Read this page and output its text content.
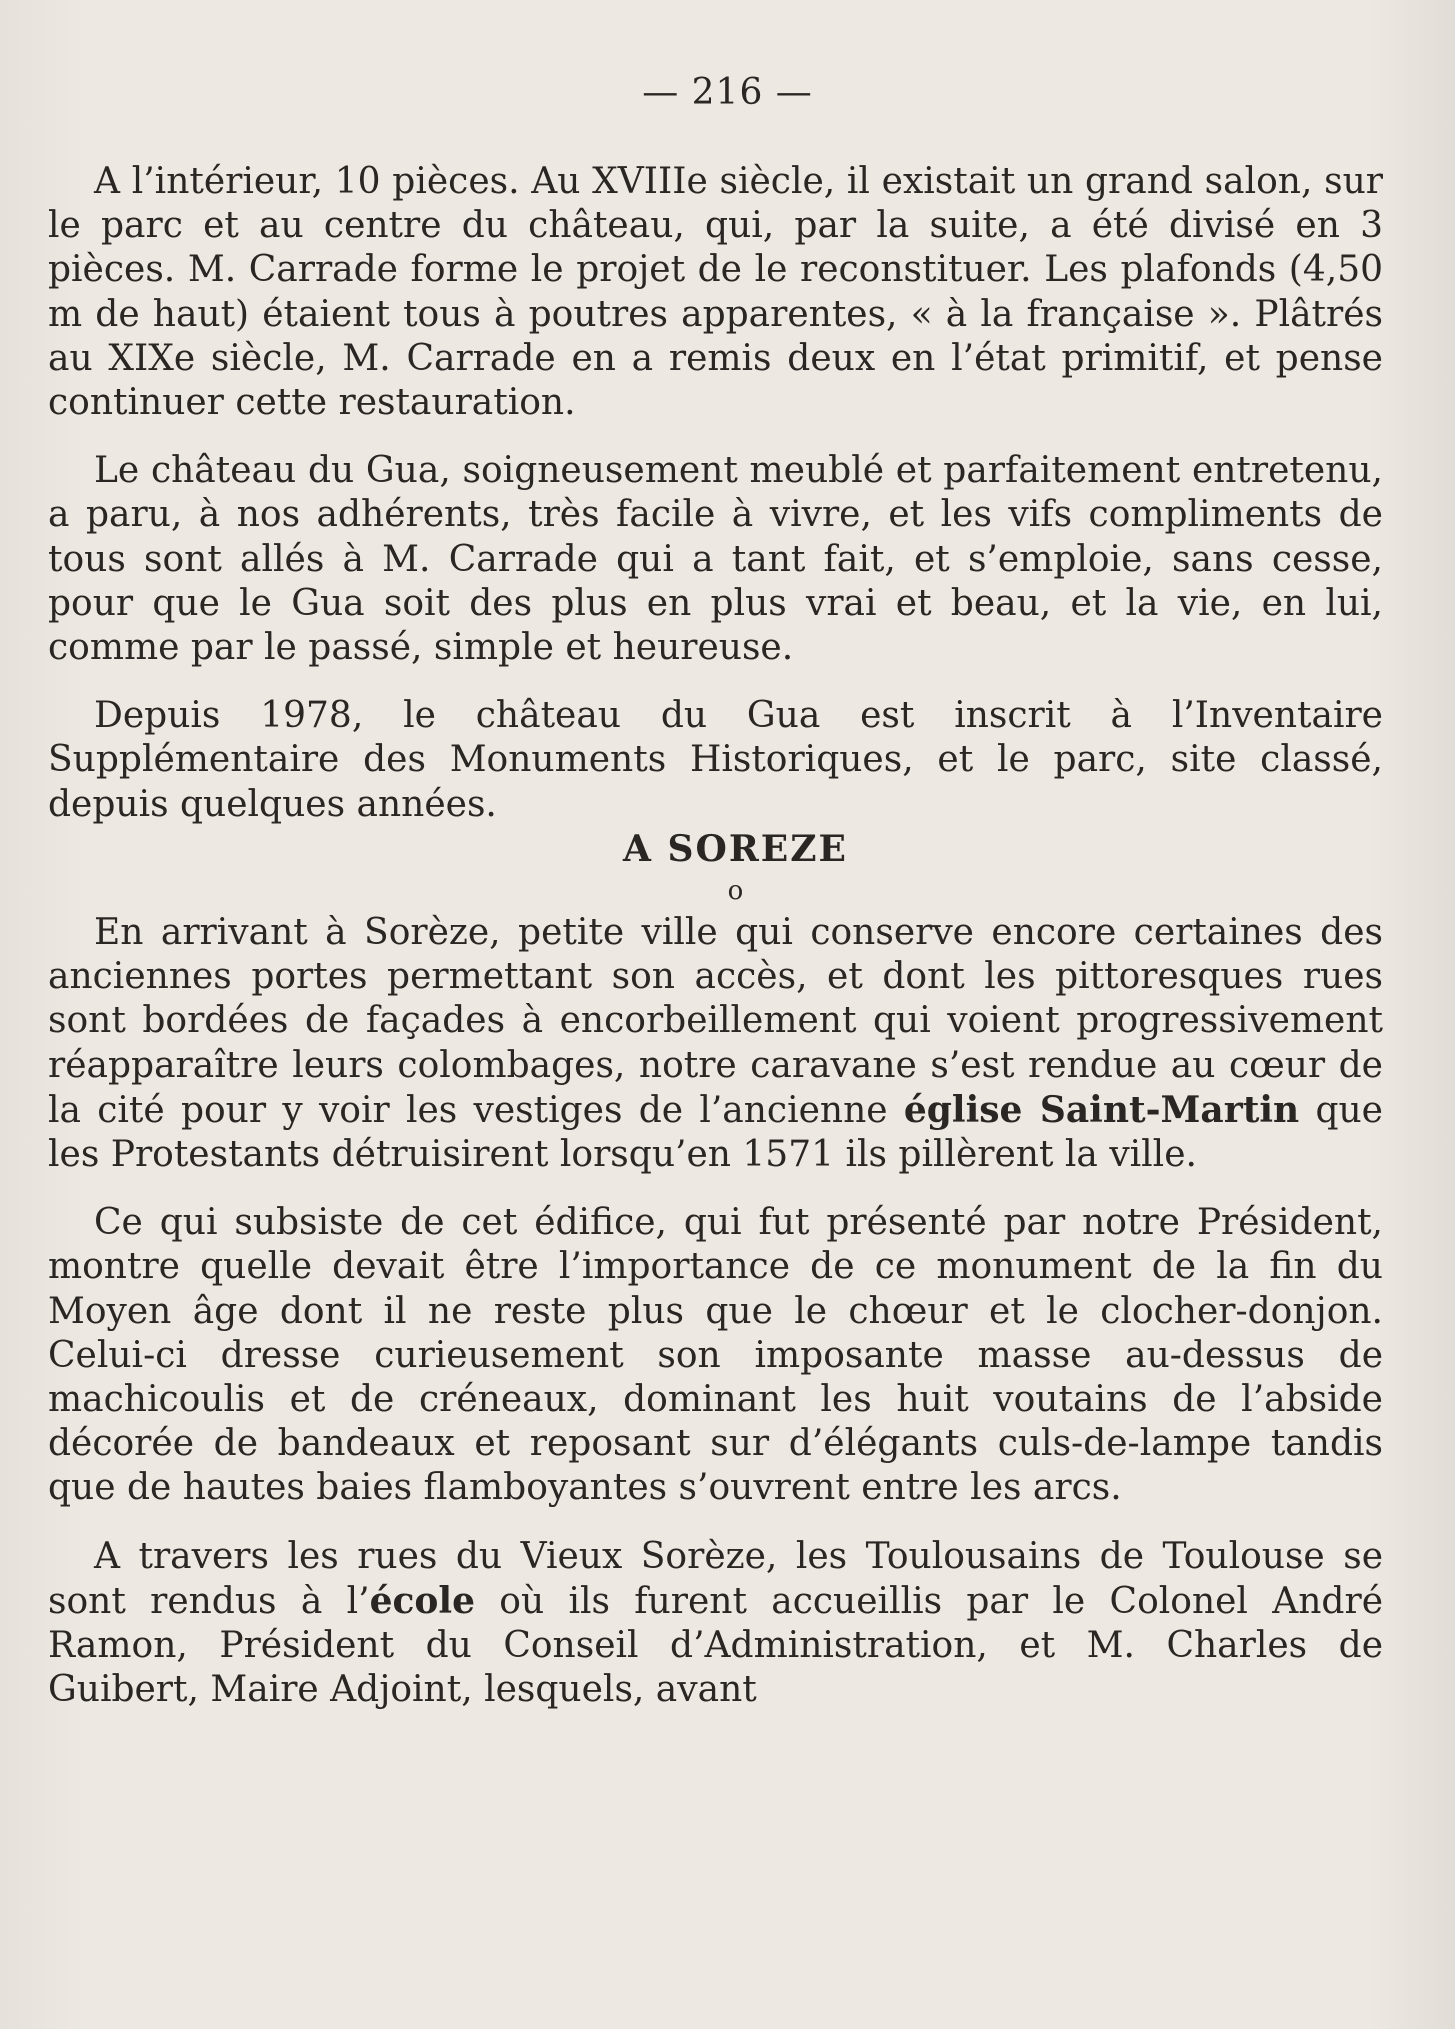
— 216 —

A l’intérieur, 10 pièces. Au XVIIIe siècle, il existait un grand salon, sur le parc et au centre du château, qui, par la suite, a été divisé en 3 pièces. M. Carrade forme le projet de le reconstituer. Les plafonds (4,50 m de haut) étaient tous à poutres apparentes, « à la française ». Plâtrés au XIXe siècle, M. Carrade en a remis deux en l’état primitif, et pense continuer cette restauration.

Le château du Gua, soigneusement meublé et parfaitement entretenu, a paru, à nos adhérents, très facile à vivre, et les vifs compliments de tous sont allés à M. Carrade qui a tant fait, et s’emploie, sans cesse, pour que le Gua soit des plus en plus vrai et beau, et la vie, en lui, comme par le passé, simple et heureuse.

Depuis 1978, le château du Gua est inscrit à l’Inventaire Supplémentaire des Monuments Historiques, et le parc, site classé, depuis quelques années.

A SOREZE

o

En arrivant à Sorèze, petite ville qui conserve encore certaines des anciennes portes permettant son accès, et dont les pittoresques rues sont bordées de façades à encorbeillement qui voient progressivement réapparaître leurs colombages, notre caravane s’est rendue au cœur de la cité pour y voir les vestiges de l’ancienne église Saint-Martin que les Protestants détruisirent lorsqu’en 1571 ils pillèrent la ville.

Ce qui subsiste de cet édifice, qui fut présenté par notre Président, montre quelle devait être l’importance de ce monument de la fin du Moyen âge dont il ne reste plus que le chœur et le clocher-donjon. Celui-ci dresse curieusement son imposante masse au-dessus de machicoulis et de créneaux, dominant les huit voutains de l’abside décorée de bandeaux et reposant sur d’élégants culs-de-lampe tandis que de hautes baies flamboyantes s’ouvrent entre les arcs.

A travers les rues du Vieux Sorèze, les Toulousains de Toulouse se sont rendus à l’école où ils furent accueillis par le Colonel André Ramon, Président du Conseil d’Administration, et M. Charles de Guibert, Maire Adjoint, lesquels, avant
